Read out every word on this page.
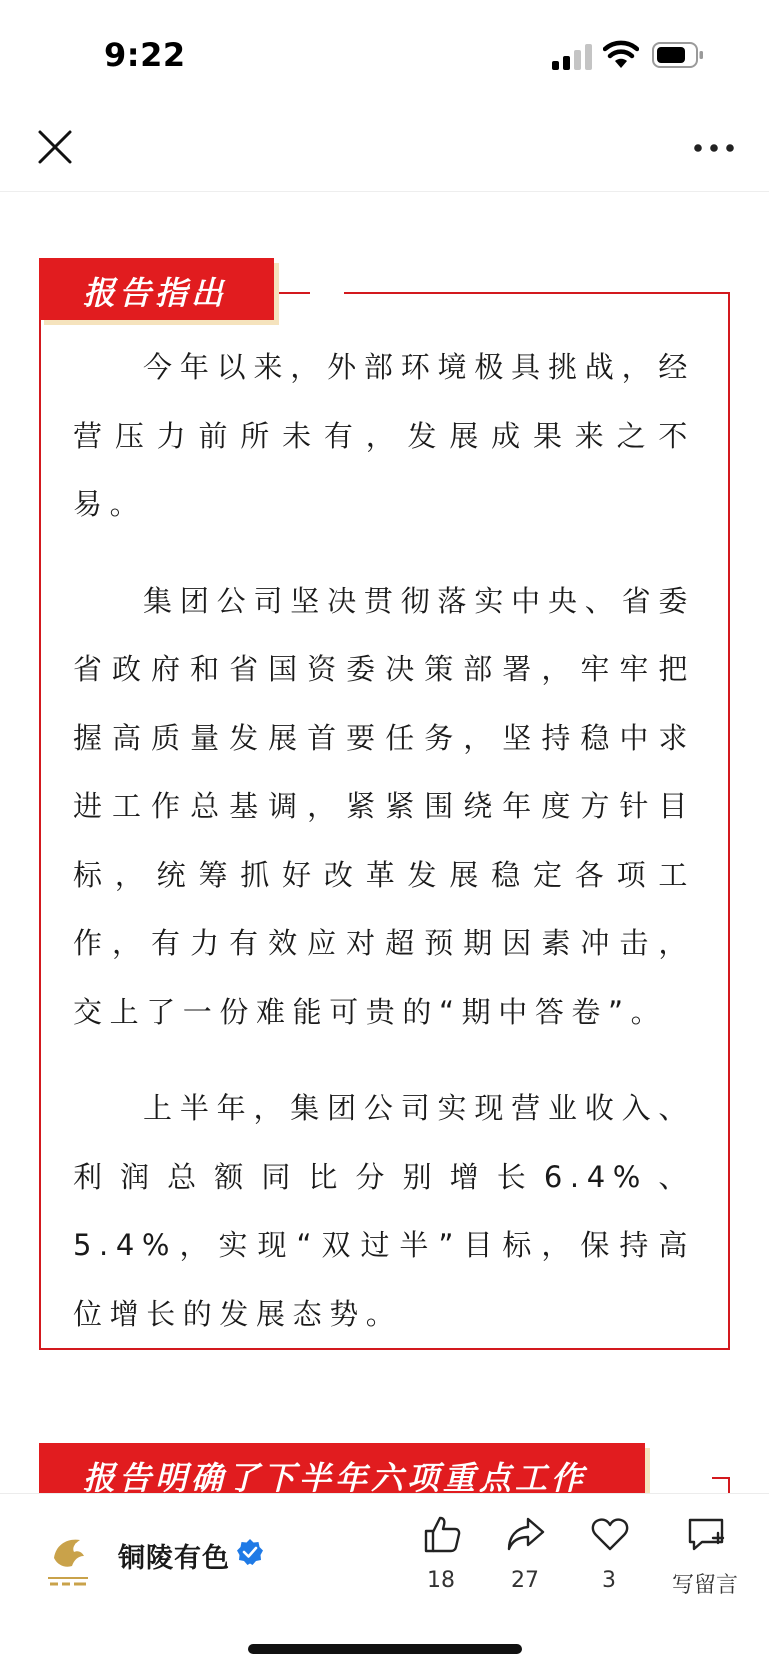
9:22
报告指出

今年以来，外部环境极具挑战，经营压力前所未有，发展成果来之不易。

集团公司坚决贯彻落实中央、省委省政府和省国资委决策部署，牢牢把握高质量发展首要任务，坚持稳中求进工作总基调，紧紧围绕年度方针目标，统筹抓好改革发展稳定各项工作，有力有效应对超预期因素冲击，交上了一份难能可贵的“期中答卷”。

上半年，集团公司实现营业收入、利润总额同比分别增长6.4%、5.4%，实现“双过半”目标，保持高位增长的发展态势。

报告明确了下半年六项重点工作
铜陵有色
18	27	3	写留言
